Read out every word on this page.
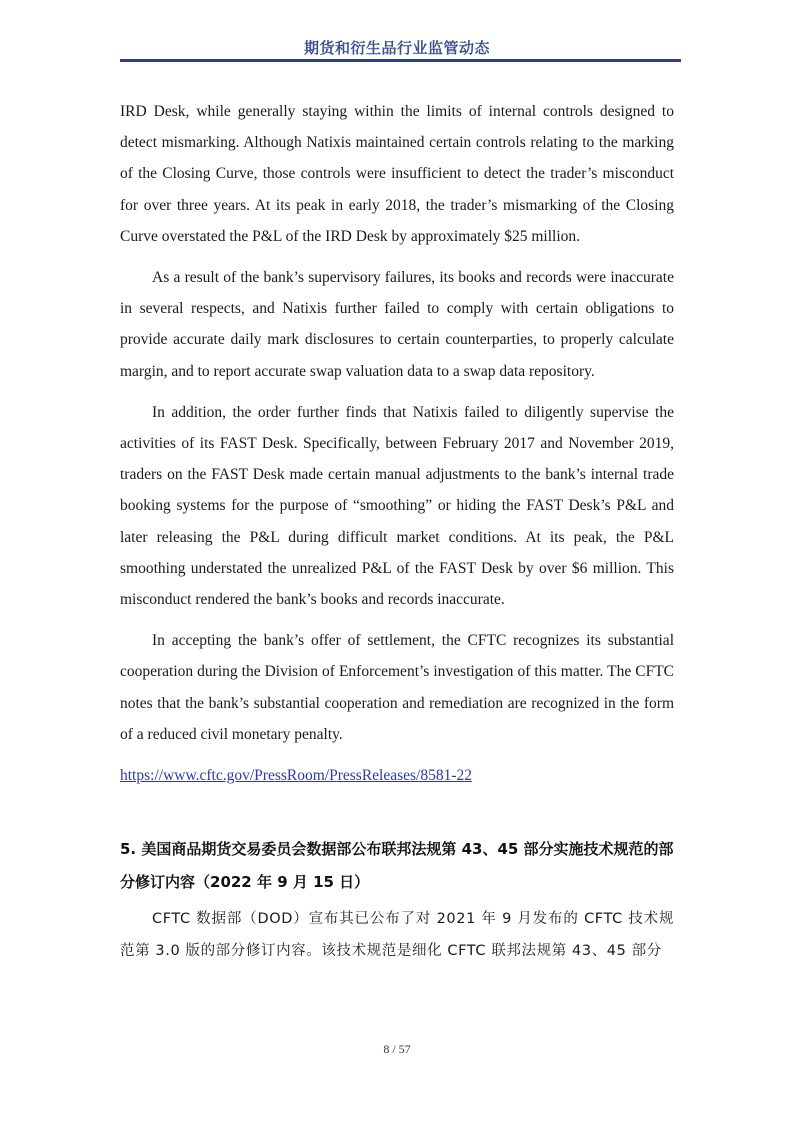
期货和衍生品行业监管动态

IRD Desk, while generally staying within the limits of internal controls designed to detect mismarking. Although Natixis maintained certain controls relating to the marking of the Closing Curve, those controls were insufficient to detect the trader’s misconduct for over three years. At its peak in early 2018, the trader’s mismarking of the Closing Curve overstated the P&L of the IRD Desk by approximately $25 million.

As a result of the bank’s supervisory failures, its books and records were inaccurate in several respects, and Natixis further failed to comply with certain obligations to provide accurate daily mark disclosures to certain counterparties, to properly calculate margin, and to report accurate swap valuation data to a swap data repository.

In addition, the order further finds that Natixis failed to diligently supervise the activities of its FAST Desk. Specifically, between February 2017 and November 2019, traders on the FAST Desk made certain manual adjustments to the bank’s internal trade booking systems for the purpose of “smoothing” or hiding the FAST Desk’s P&L and later releasing the P&L during difficult market conditions. At its peak, the P&L smoothing understated the unrealized P&L of the FAST Desk by over $6 million. This misconduct rendered the bank’s books and records inaccurate.

In accepting the bank’s offer of settlement, the CFTC recognizes its substantial cooperation during the Division of Enforcement’s investigation of this matter. The CFTC notes that the bank’s substantial cooperation and remediation are recognized in the form of a reduced civil monetary penalty.

https://www.cftc.gov/PressRoom/PressReleases/8581-22
5. 美国商品期货交易委员会数据部公布联邦法规第 43、45 部分实施技术规范的部分修订内容（2022 年 9 月 15 日）

CFTC 数据部（DOD）宣布其已公布了对 2021 年 9 月发布的 CFTC 技术规范第 3.0 版的部分修订内容。该技术规范是细化 CFTC 联邦法规第 43、45 部分

8 / 57
